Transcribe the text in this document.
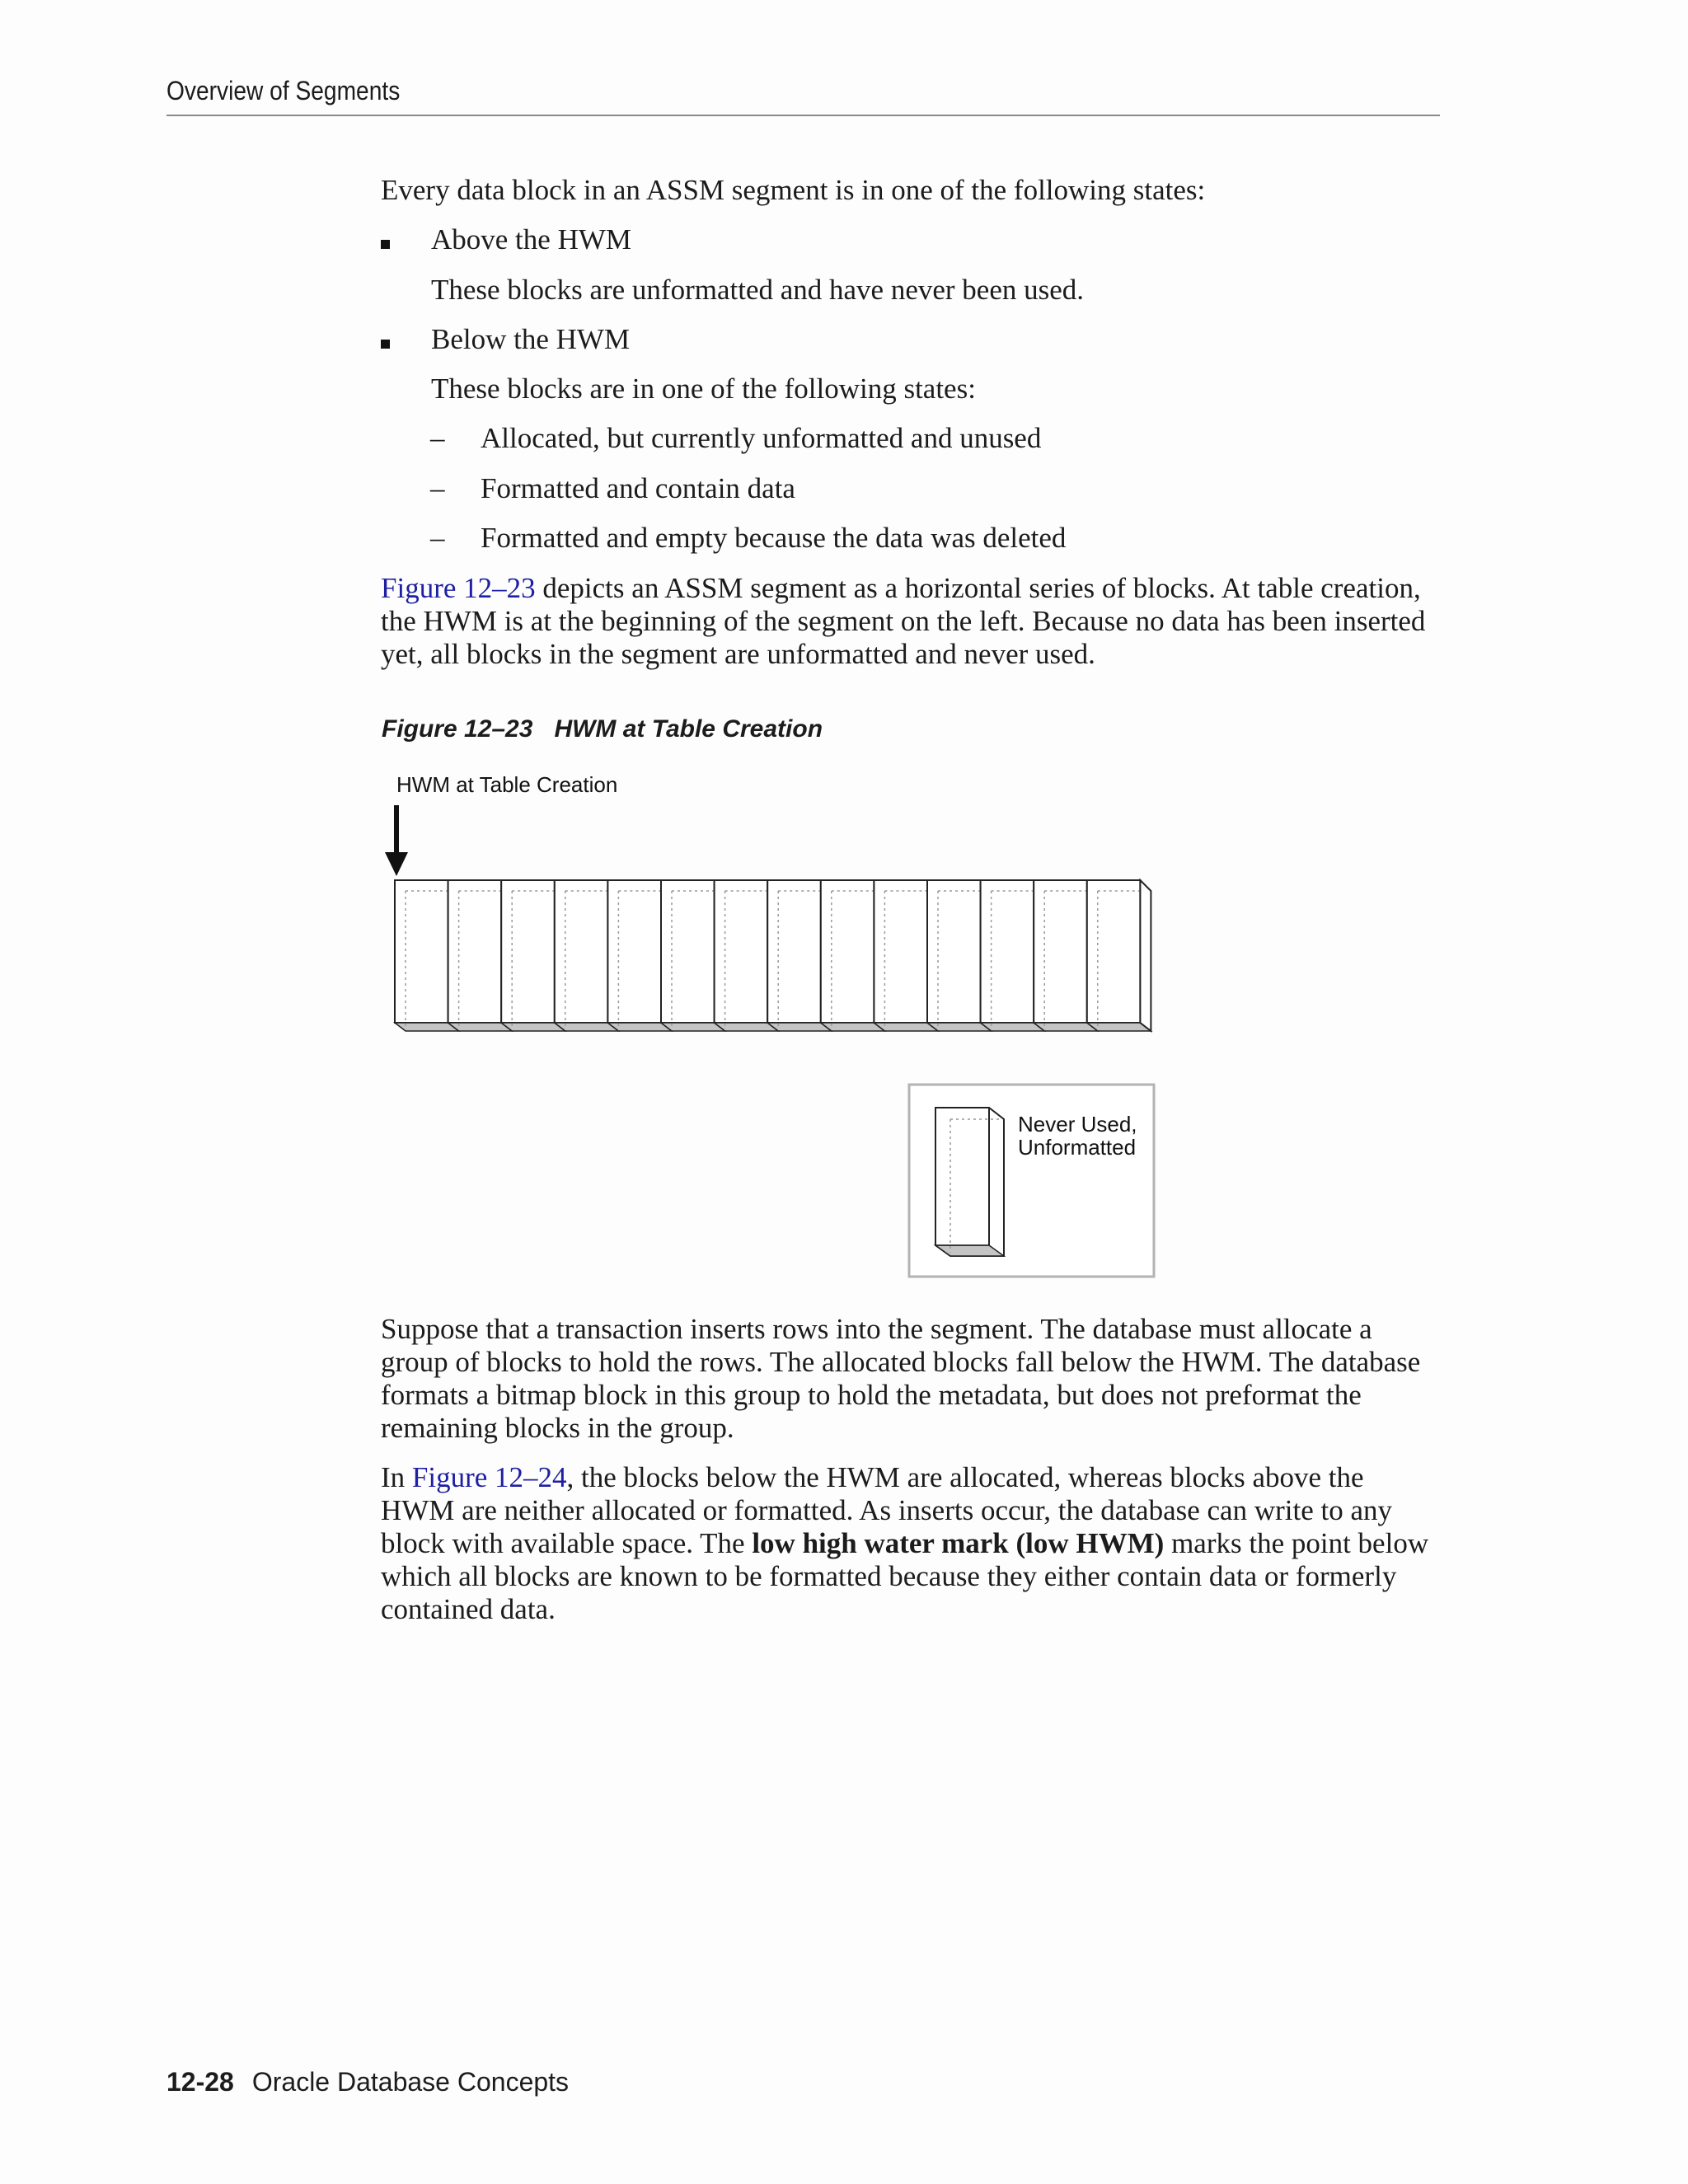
Overview of Segments
Every data block in an ASSM segment is in one of the following states:
Above the HWM
These blocks are unformatted and have never been used.
Below the HWM
These blocks are in one of the following states:
– Allocated, but currently unformatted and unused
– Formatted and contain data
– Formatted and empty because the data was deleted

Figure 12–23 depicts an ASSM segment as a horizontal series of blocks. At table creation, the HWM is at the beginning of the segment on the left. Because no data has been inserted yet, all blocks in the segment are unformatted and never used.

Figure 12–23 HWM at Table Creation
HWM at Table Creation
Never Used,
Unformatted

Suppose that a transaction inserts rows into the segment. The database must allocate a group of blocks to hold the rows. The allocated blocks fall below the HWM. The database formats a bitmap block in this group to hold the metadata, but does not preformat the remaining blocks in the group.

In Figure 12–24, the blocks below the HWM are allocated, whereas blocks above the HWM are neither allocated or formatted. As inserts occur, the database can write to any block with available space. The low high water mark (low HWM) marks the point below which all blocks are known to be formatted because they either contain data or formerly contained data.

12-28 Oracle Database Concepts
